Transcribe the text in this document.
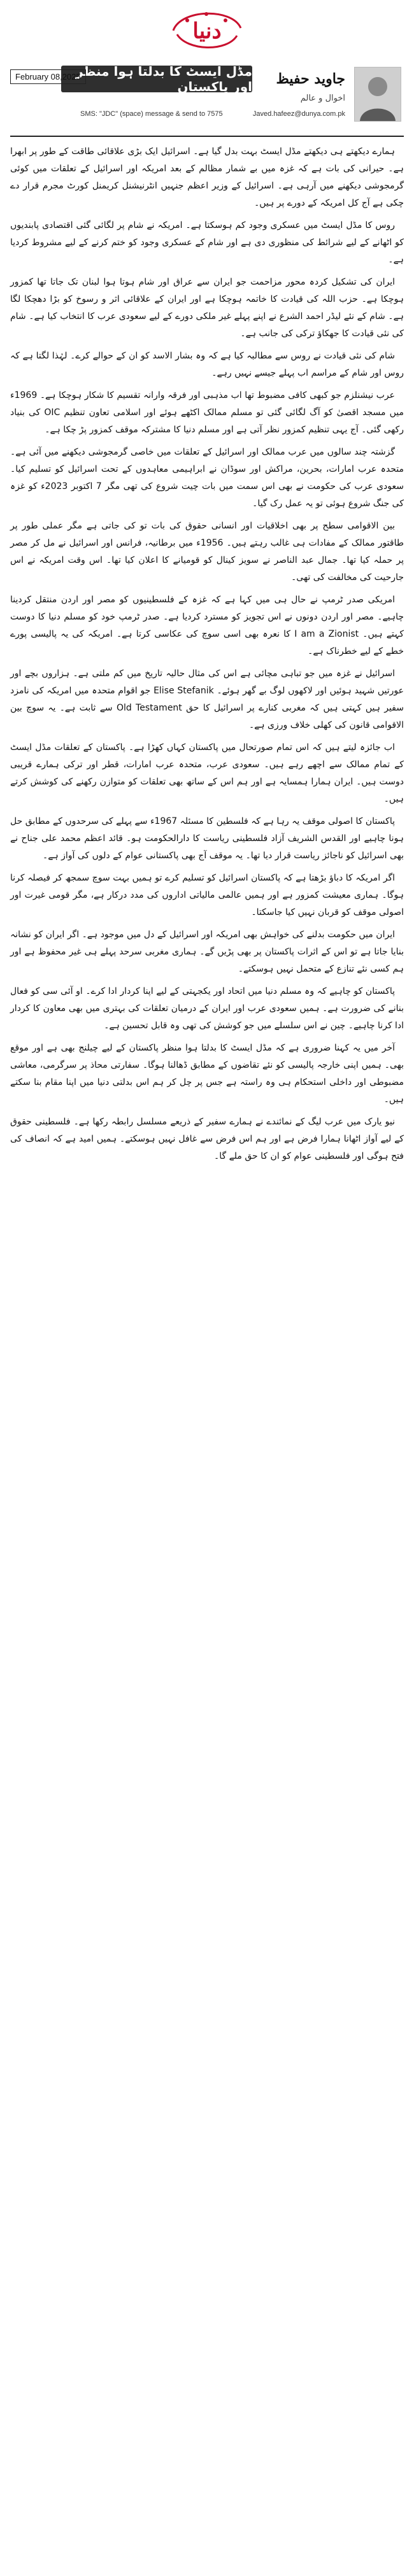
دنیا
جاوید حفیظ
اخوال و عالم
Javed.hafeez@dunya.com.pk
مڈل ایسٹ کا بدلتا ہوا منظر اور پاکستان
February 08,2025
SMS: "JDC" (space) message & send to 7575

ہمارے دیکھتے ہی دیکھتے مڈل ایسٹ بہت بدل گیا ہے۔ اسرائیل ایک بڑی علاقائی طاقت کے طور پر ابھرا ہے۔ حیرانی کی بات ہے کہ غزہ میں بے شمار مظالم کے بعد امریکہ اور اسرائیل کے تعلقات میں کوئی گرمجوشی دیکھنے میں آرہی ہے۔ اسرائیل کے وزیر اعظم جنہیں انٹرنیشنل کریمنل کورٹ مجرم قرار دے چکی ہے آج کل امریکہ کے دورے پر ہیں۔

روس کا مڈل ایسٹ میں عسکری وجود کم ہوسکتا ہے۔ امریکہ نے شام پر لگائی گئی اقتصادی پابندیوں کو اٹھانے کے لیے شرائط کی منظوری دی ہے اور شام کے عسکری وجود کو ختم کرنے کے لیے مشروط کردیا ہے۔

ایران کی تشکیل کردہ محور مزاحمت جو ایران سے عراق اور شام ہوتا ہوا لبنان تک جاتا تھا کمزور ہوچکا ہے۔ حزب اللہ کی قیادت کا خاتمہ ہوچکا ہے اور ایران کے علاقائی اثر و رسوخ کو بڑا دھچکا لگا ہے۔ شام کے نئے لیڈر احمد الشرع نے اپنے پہلے غیر ملکی دورے کے لیے سعودی عرب کا انتخاب کیا ہے۔ شام کی نئی قیادت کا جھکاؤ ترکی کی جانب ہے۔

شام کی نئی قیادت نے روس سے مطالبہ کیا ہے کہ وہ بشار الاسد کو ان کے حوالے کرے۔ لہٰذا لگتا ہے کہ روس اور شام کے مراسم اب پہلے جیسے نہیں رہے۔

عرب نیشنلزم جو کبھی کافی مضبوط تھا اب مذہبی اور فرقہ وارانہ تقسیم کا شکار ہوچکا ہے۔ 1969ء میں مسجد اقصیٰ کو آگ لگائی گئی تو مسلم ممالک اکٹھے ہوئے اور اسلامی تعاون تنظیم OIC کی بنیاد رکھی گئی۔ آج یہی تنظیم کمزور نظر آتی ہے اور مسلم دنیا کا مشترکہ موقف کمزور پڑ چکا ہے۔

گزشتہ چند سالوں میں عرب ممالک اور اسرائیل کے تعلقات میں خاصی گرمجوشی دیکھنے میں آئی ہے۔ متحدہ عرب امارات، بحرین، مراکش اور سوڈان نے ابراہیمی معاہدوں کے تحت اسرائیل کو تسلیم کیا۔ سعودی عرب کی حکومت نے بھی اس سمت میں بات چیت شروع کی تھی مگر 7 اکتوبر 2023ء کو غزہ کی جنگ شروع ہوئی تو یہ عمل رک گیا۔

بین الاقوامی سطح پر بھی اخلاقیات اور انسانی حقوق کی بات تو کی جاتی ہے مگر عملی طور پر طاقتور ممالک کے مفادات ہی غالب رہتے ہیں۔ 1956ء میں برطانیہ، فرانس اور اسرائیل نے مل کر مصر پر حملہ کیا تھا۔ جمال عبد الناصر نے سویز کینال کو قومیانے کا اعلان کیا تھا۔ اس وقت امریکہ نے اس جارحیت کی مخالفت کی تھی۔

امریکی صدر ٹرمپ نے حال ہی میں کہا ہے کہ غزہ کے فلسطینیوں کو مصر اور اردن منتقل کردینا چاہیے۔ مصر اور اردن دونوں نے اس تجویز کو مسترد کردیا ہے۔ صدر ٹرمپ خود کو مسلم دنیا کا دوست کہتے ہیں۔ I am a Zionist کا نعرہ بھی اسی سوچ کی عکاسی کرتا ہے۔ امریکہ کی یہ پالیسی پورے خطے کے لیے خطرناک ہے۔

اسرائیل نے غزہ میں جو تباہی مچائی ہے اس کی مثال حالیہ تاریخ میں کم ملتی ہے۔ ہزاروں بچے اور عورتیں شہید ہوئیں اور لاکھوں لوگ بے گھر ہوئے۔ Elise Stefanik جو اقوام متحدہ میں امریکہ کی نامزد سفیر ہیں کہتی ہیں کہ مغربی کنارے پر اسرائیل کا حق Old Testament سے ثابت ہے۔ یہ سوچ بین الاقوامی قانون کی کھلی خلاف ورزی ہے۔

اب جائزہ لیتے ہیں کہ اس تمام صورتحال میں پاکستان کہاں کھڑا ہے۔ پاکستان کے تعلقات مڈل ایسٹ کے تمام ممالک سے اچھے رہے ہیں۔ سعودی عرب، متحدہ عرب امارات، قطر اور ترکی ہمارے قریبی دوست ہیں۔ ایران ہمارا ہمسایہ ہے اور ہم اس کے ساتھ بھی تعلقات کو متوازن رکھنے کی کوشش کرتے ہیں۔

پاکستان کا اصولی موقف یہ رہا ہے کہ فلسطین کا مسئلہ 1967ء سے پہلے کی سرحدوں کے مطابق حل ہونا چاہیے اور القدس الشریف آزاد فلسطینی ریاست کا دارالحکومت ہو۔ قائد اعظم محمد علی جناح نے بھی اسرائیل کو ناجائز ریاست قرار دیا تھا۔ یہ موقف آج بھی پاکستانی عوام کے دلوں کی آواز ہے۔

اگر امریکہ کا دباؤ بڑھتا ہے کہ پاکستان اسرائیل کو تسلیم کرے تو ہمیں بہت سوچ سمجھ کر فیصلہ کرنا ہوگا۔ ہماری معیشت کمزور ہے اور ہمیں عالمی مالیاتی اداروں کی مدد درکار ہے، مگر قومی غیرت اور اصولی موقف کو قربان نہیں کیا جاسکتا۔

ایران میں حکومت بدلنے کی خواہش بھی امریکہ اور اسرائیل کے دل میں موجود ہے۔ اگر ایران کو نشانہ بنایا جاتا ہے تو اس کے اثرات پاکستان پر بھی پڑیں گے۔ ہماری مغربی سرحد پہلے ہی غیر محفوظ ہے اور ہم کسی نئے تنازع کے متحمل نہیں ہوسکتے۔

پاکستان کو چاہیے کہ وہ مسلم دنیا میں اتحاد اور یکجہتی کے لیے اپنا کردار ادا کرے۔ او آئی سی کو فعال بنانے کی ضرورت ہے۔ ہمیں سعودی عرب اور ایران کے درمیان تعلقات کی بہتری میں بھی معاون کا کردار ادا کرنا چاہیے۔ چین نے اس سلسلے میں جو کوشش کی تھی وہ قابل تحسین ہے۔

آخر میں یہ کہنا ضروری ہے کہ مڈل ایسٹ کا بدلتا ہوا منظر پاکستان کے لیے چیلنج بھی ہے اور موقع بھی۔ ہمیں اپنی خارجہ پالیسی کو نئے تقاضوں کے مطابق ڈھالنا ہوگا۔ سفارتی محاذ پر سرگرمی، معاشی مضبوطی اور داخلی استحکام ہی وہ راستہ ہے جس پر چل کر ہم اس بدلتی دنیا میں اپنا مقام بنا سکتے ہیں۔

نیو یارک میں عرب لیگ کے نمائندے نے ہمارے سفیر کے ذریعے مسلسل رابطہ رکھا ہے۔ فلسطینی حقوق کے لیے آواز اٹھانا ہمارا فرض ہے اور ہم اس فرض سے غافل نہیں ہوسکتے۔ ہمیں امید ہے کہ انصاف کی فتح ہوگی اور فلسطینی عوام کو ان کا حق ملے گا۔
